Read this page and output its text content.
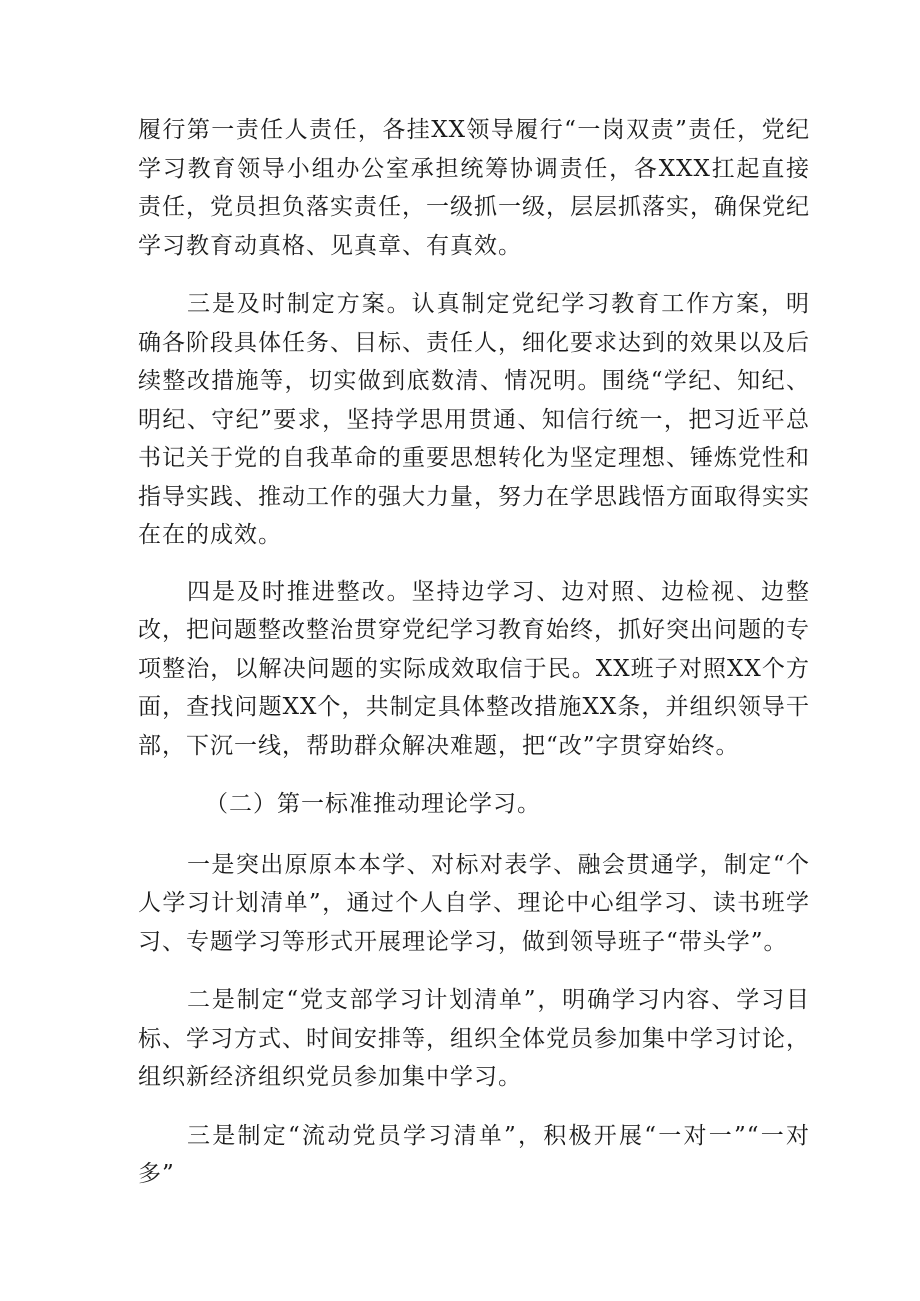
履行第一责任人责任，各挂XX领导履行“一岗双责”责任，党纪学习教育领导小组办公室承担统筹协调责任，各XXX扛起直接责任，党员担负落实责任，一级抓一级，层层抓落实，确保党纪学习教育动真格、见真章、有真效。

三是及时制定方案。认真制定党纪学习教育工作方案，明确各阶段具体任务、目标、责任人，细化要求达到的效果以及后续整改措施等，切实做到底数清、情况明。围绕“学纪、知纪、明纪、守纪”要求，坚持学思用贯通、知信行统一，把习近平总书记关于党的自我革命的重要思想转化为坚定理想、锤炼党性和指导实践、推动工作的强大力量，努力在学思践悟方面取得实实在在的成效。

四是及时推进整改。坚持边学习、边对照、边检视、边整改，把问题整改整治贯穿党纪学习教育始终，抓好突出问题的专项整治，以解决问题的实际成效取信于民。XX班子对照XX个方面，查找问题XX个，共制定具体整改措施XX条，并组织领导干部，下沉一线，帮助群众解决难题，把“改”字贯穿始终。

（二）第一标准推动理论学习。

一是突出原原本本学、对标对表学、融会贯通学，制定“个人学习计划清单”，通过个人自学、理论中心组学习、读书班学习、专题学习等形式开展理论学习，做到领导班子“带头学”。

二是制定“党支部学习计划清单”，明确学习内容、学习目标、学习方式、时间安排等，组织全体党员参加集中学习讨论，组织新经济组织党员参加集中学习。

三是制定“流动党员学习清单”，积极开展“一对一”“一对多”
